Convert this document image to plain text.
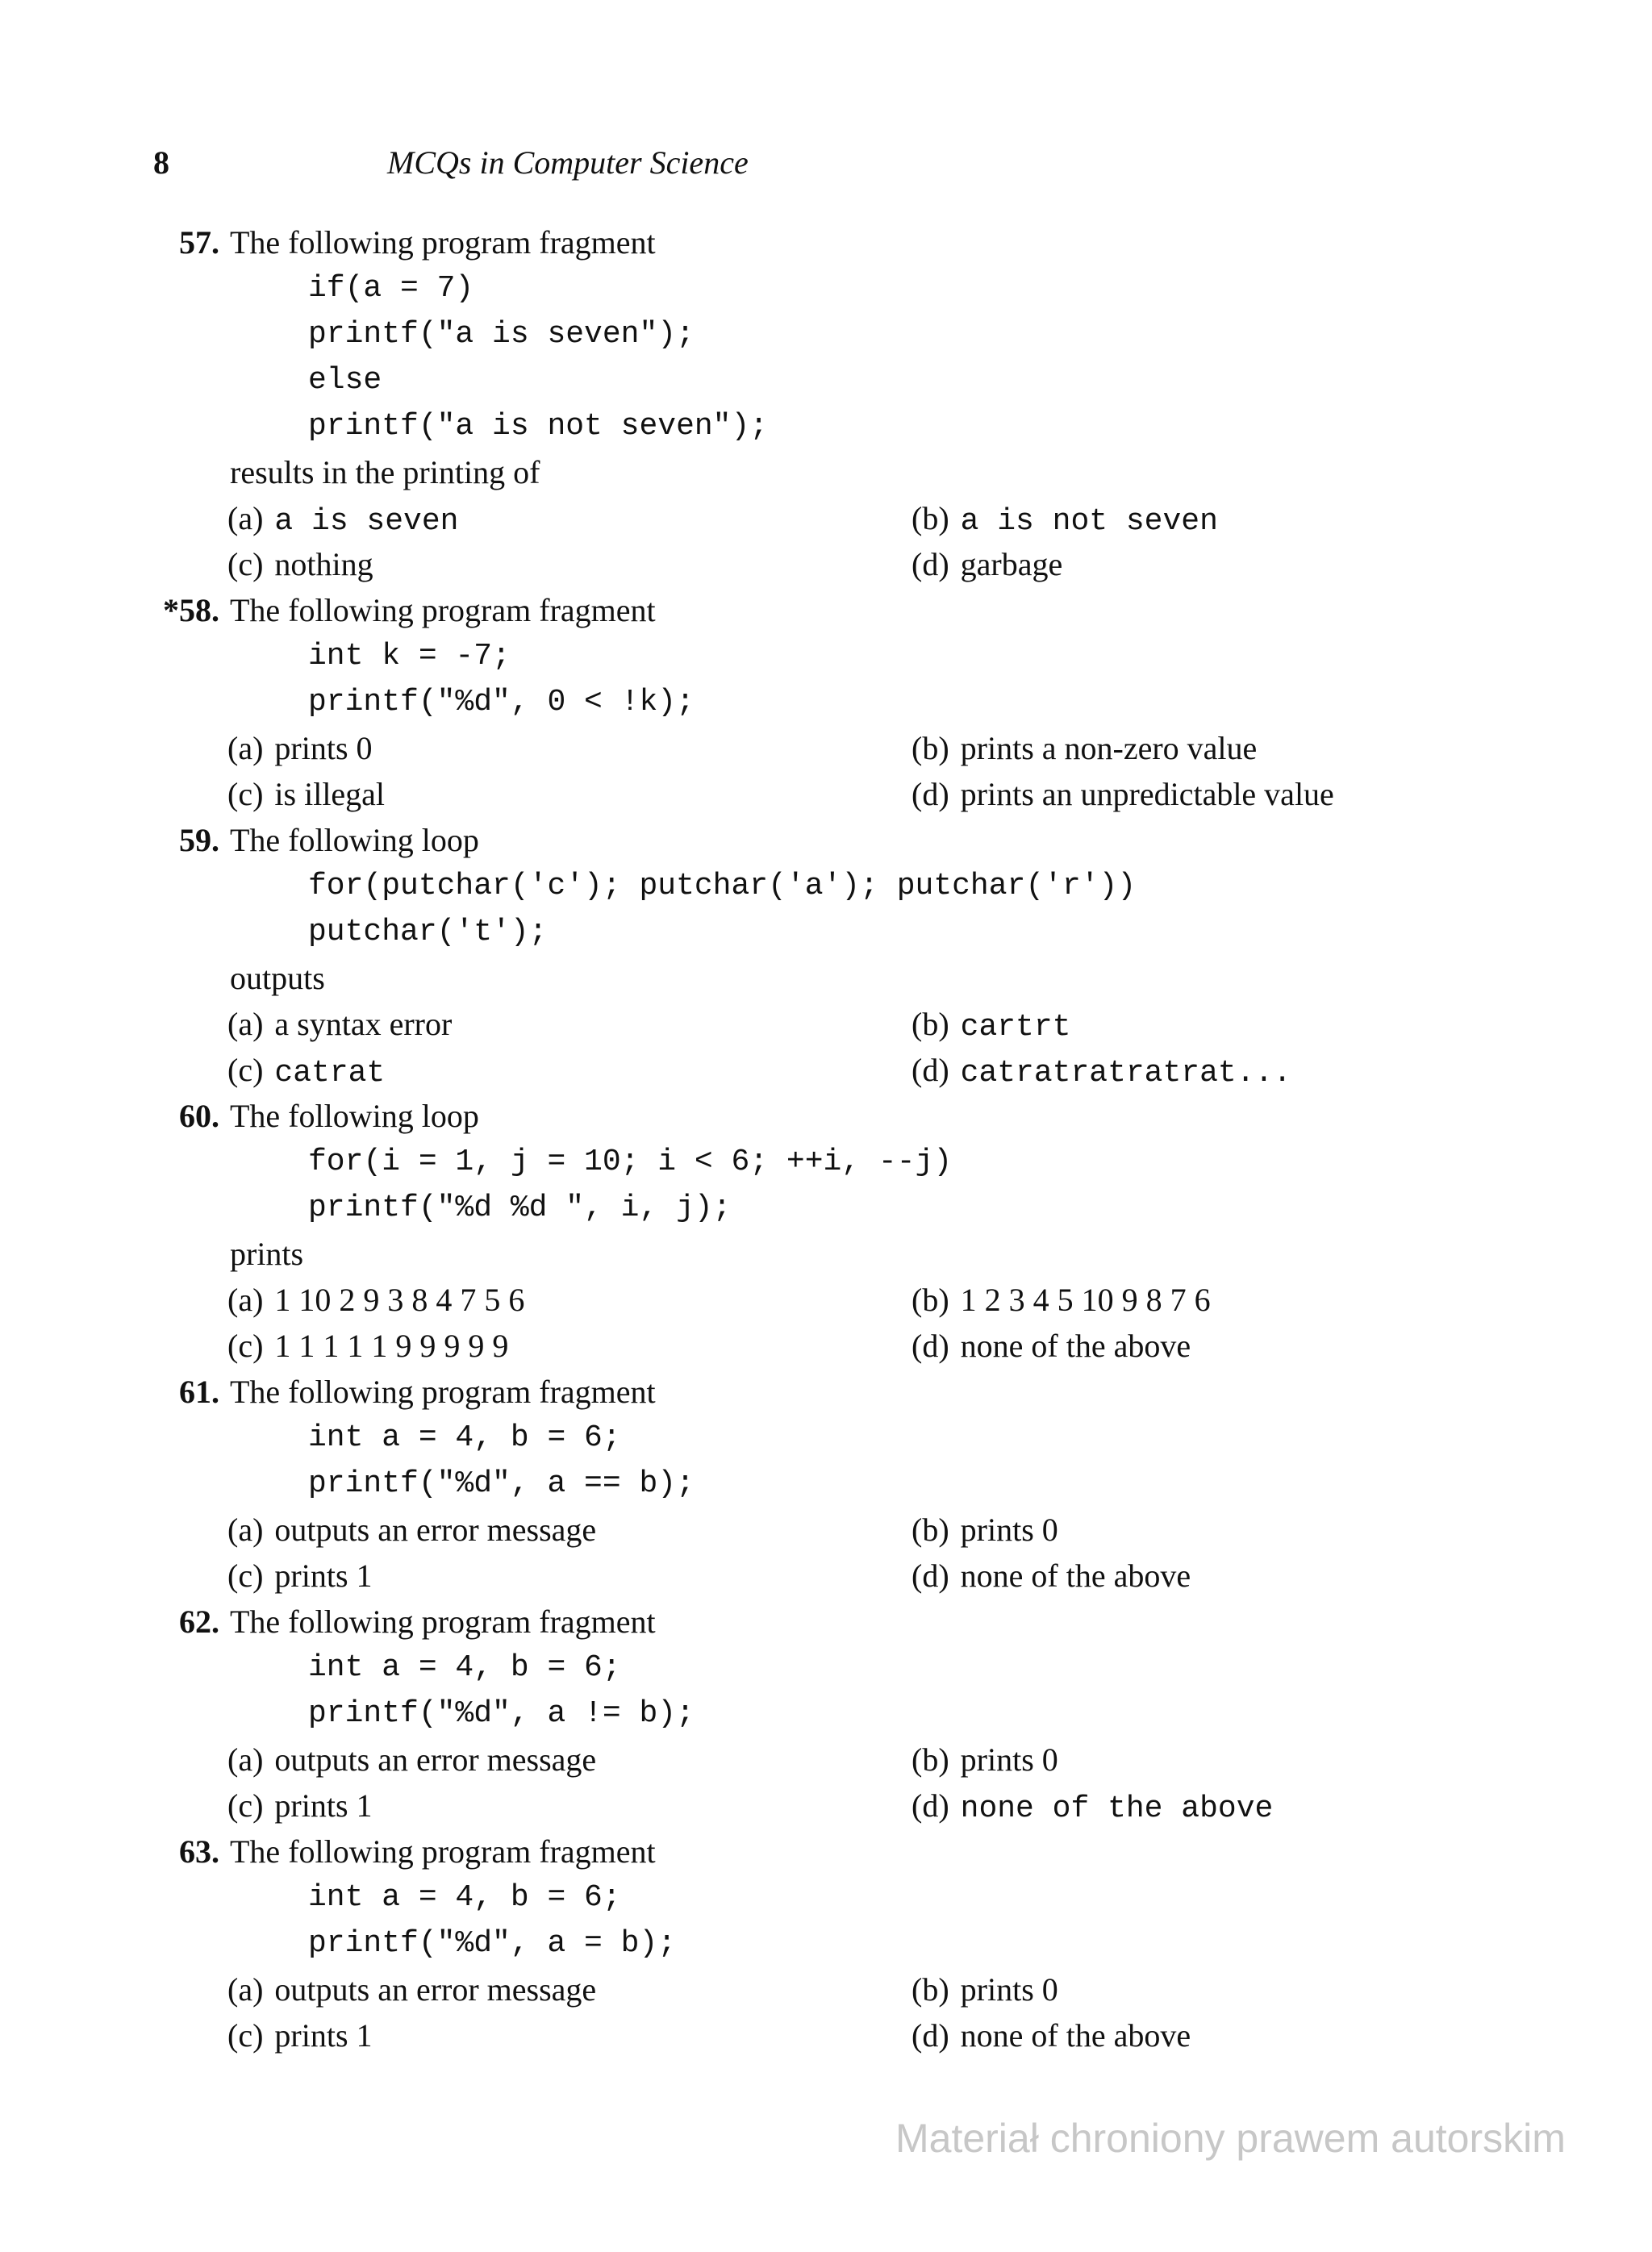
8	MCQs in Computer Science
57. The following program fragment
if(a = 7)
printf("a is seven");
else
printf("a is not seven");
results in the printing of
(a) a is seven	(b) a is not seven
(c) nothing	(d) garbage
*58. The following program fragment
int k = -7;
printf("%d", 0 < !k);
(a) prints 0	(b) prints a non-zero value
(c) is illegal	(d) prints an unpredictable value
59. The following loop
for(putchar('c'); putchar('a'); putchar('r'))
putchar('t');
outputs
(a) a syntax error	(b) cartrt
(c) catrat	(d) catratratratrat...
60. The following loop
for(i = 1, j = 10; i < 6; ++i, --j)
printf("%d %d ", i, j);
prints
(a) 1 10 2 9 3 8 4 7 5 6	(b) 1 2 3 4 5 10 9 8 7 6
(c) 1 1 1 1 1 9 9 9 9 9	(d) none of the above
61. The following program fragment
int a = 4, b = 6;
printf("%d", a == b);
(a) outputs an error message	(b) prints 0
(c) prints 1	(d) none of the above
62. The following program fragment
int a = 4, b = 6;
printf("%d", a != b);
(a) outputs an error message	(b) prints 0
(c) prints 1	(d) none of the above
63. The following program fragment
int a = 4, b = 6;
printf("%d", a = b);
(a) outputs an error message	(b) prints 0
(c) prints 1	(d) none of the above
Materiał chroniony prawem autorskim
